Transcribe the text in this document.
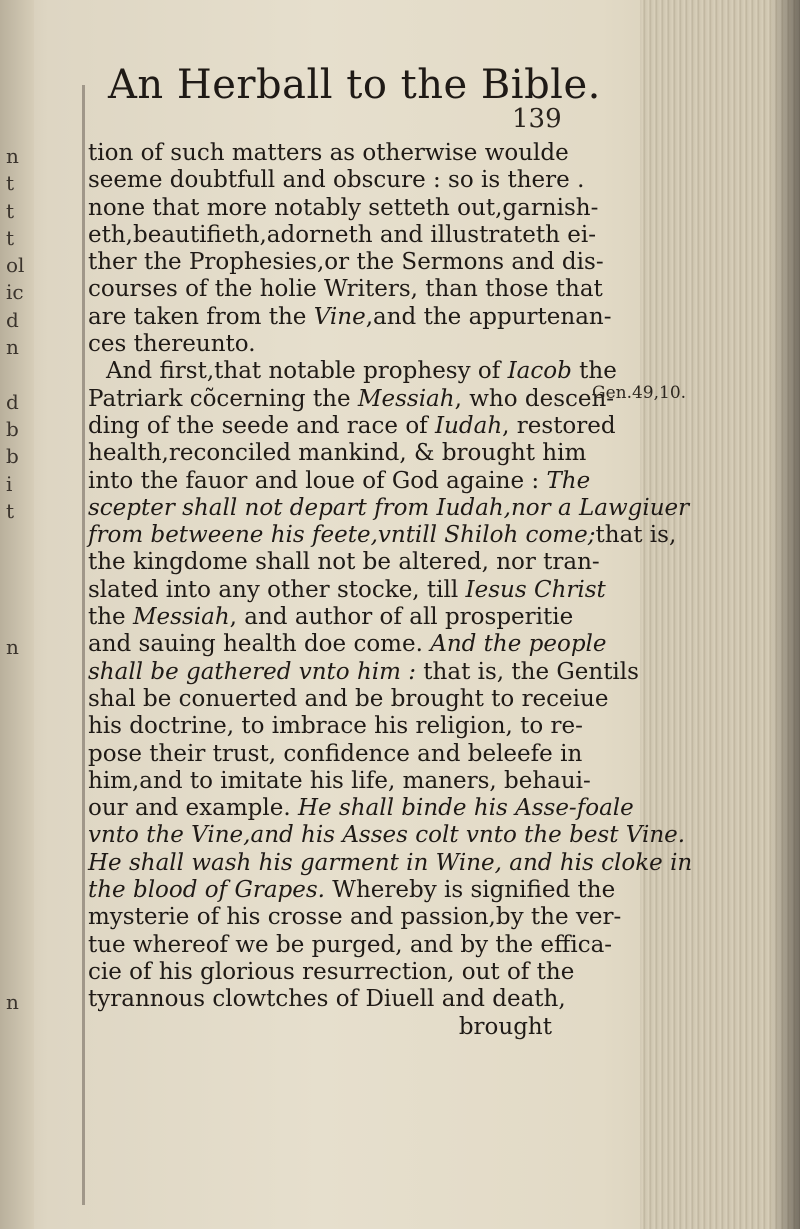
n
t
t
t
ol
ic
d
n
d
b
b
i
t
n
n
An Herball to the Bible.
139
tion of such matters as otherwise woulde
seeme doubtfull and obscure : so is there .
none that more notably setteth out,garnish-
eth,beautifieth,adorneth and illustrateth ei-
ther the Prophesies,or the Sermons and dis-
courses of the holie Writers, than those that
are taken from the Vine,and the appurtenan-
ces thereunto.
And first,that notable prophesy of Iacob the
Patriark cõcerning the Messiah, who descen-
ding of the seede and race of Iudah, restored
health,reconciled mankind, & brought him
into the fauor and loue of God againe : The
scepter shall not depart from Iudah,nor a Lawgiuer
from betweene his feete,vntill Shiloh come;that is,
the kingdome shall not be altered, nor tran-
slated into any other stocke, till Iesus Christ
the Messiah, and author of all prosperitie
and sauing health doe come. And the people
shall be gathered vnto him : that is, the Gentils
shal be conuerted and be brought to receiue
his doctrine, to imbrace his religion, to re-
pose their trust, confidence and beleefe in
him,and to imitate his life, maners, behaui-
our and example. He shall binde his Asse-foale
vnto the Vine,and his Asses colt vnto the best Vine.
He shall wash his garment in Wine, and his cloke in
the blood of Grapes. Whereby is signified the
mysterie of his crosse and passion,by the ver-
tue whereof we be purged, and by the effica-
cie of his glorious resurrection, out of the
tyrannous clowtches of Diuell and death,
brought
Gen.49,10.
